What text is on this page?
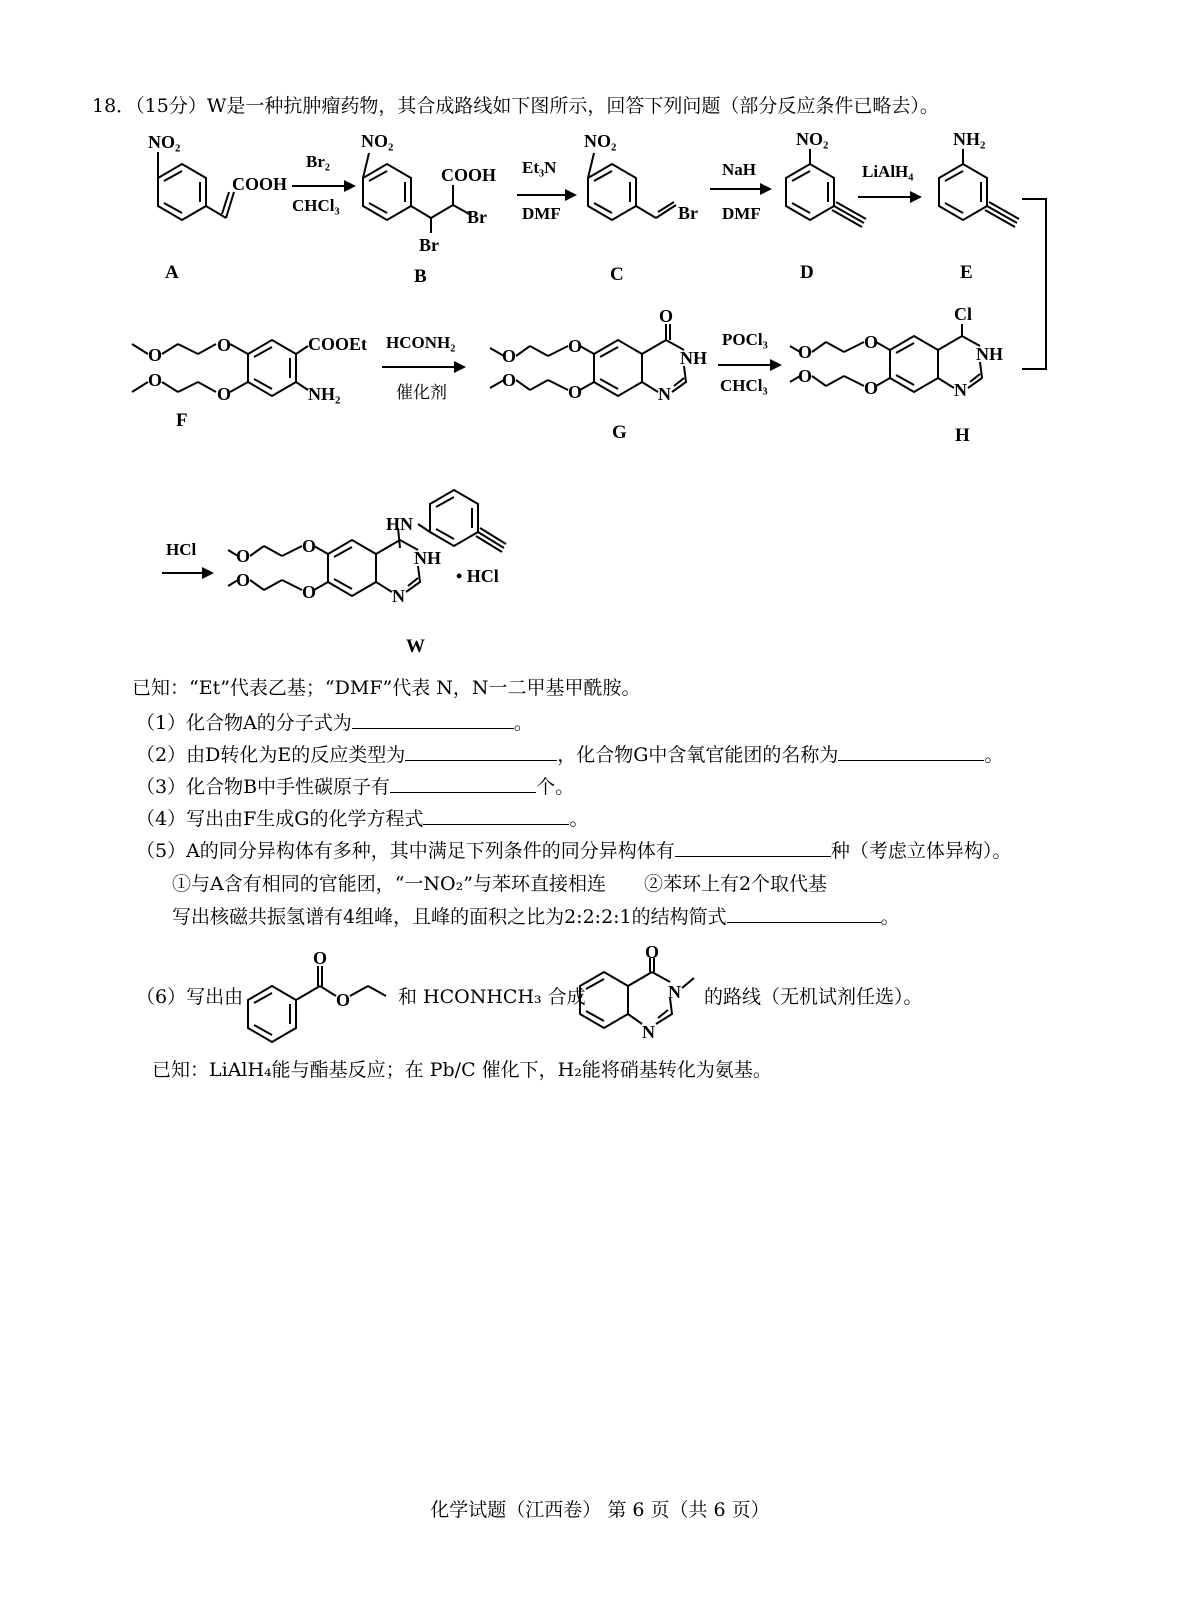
18．（15分）W是一种抗肿瘤药物，其合成路线如下图所示，回答下列问题（部分反应条件已略去）。
NO₂
COOH
A
Br₂
CHCl₃
NO₂
COOH
Br
Br
B
Et₃N
DMF
NO₂
Br
C
NaH
DMF
NO₂
D
LiAlH₄
NH₂
E
O
O
O
O
COOEt
NH₂
F
HCONH₂
催化剂
O
NH
N
O
O
O
O
G
POCl₃
CHCl₃
Cl
NH
N
O
O
O
O
H
HCl
HN
NH
N
O
O
O
O	• HCl
W
已知：“Et”代表乙基；“DMF”代表 N，N一二甲基甲酰胺。
（1）化合物A的分子式为	。
（2）由D转化为E的反应类型为	，化合物G中含氧官能团的名称为	。
（3）化合物B中手性碳原子有	个。
（4）写出由F生成G的化学方程式	。
（5）A的同分异构体有多种，其中满足下列条件的同分异构体有	种（考虑立体异构）。
①与A含有相同的官能团，“一NO₂”与苯环直接相连　　②苯环上有2个取代基
写出核磁共振氢谱有4组峰，且峰的面积之比为2:2:2:1的结构简式	。
（6）写出由
O
O	和 HCONHCH₃ 合成
O
N
N
的路线（无机试剂任选）。
已知：LiAlH₄能与酯基反应；在 Pb/C 催化下，H₂能将硝基转化为氨基。
化学试题（江西卷） 第 6 页（共 6 页）
